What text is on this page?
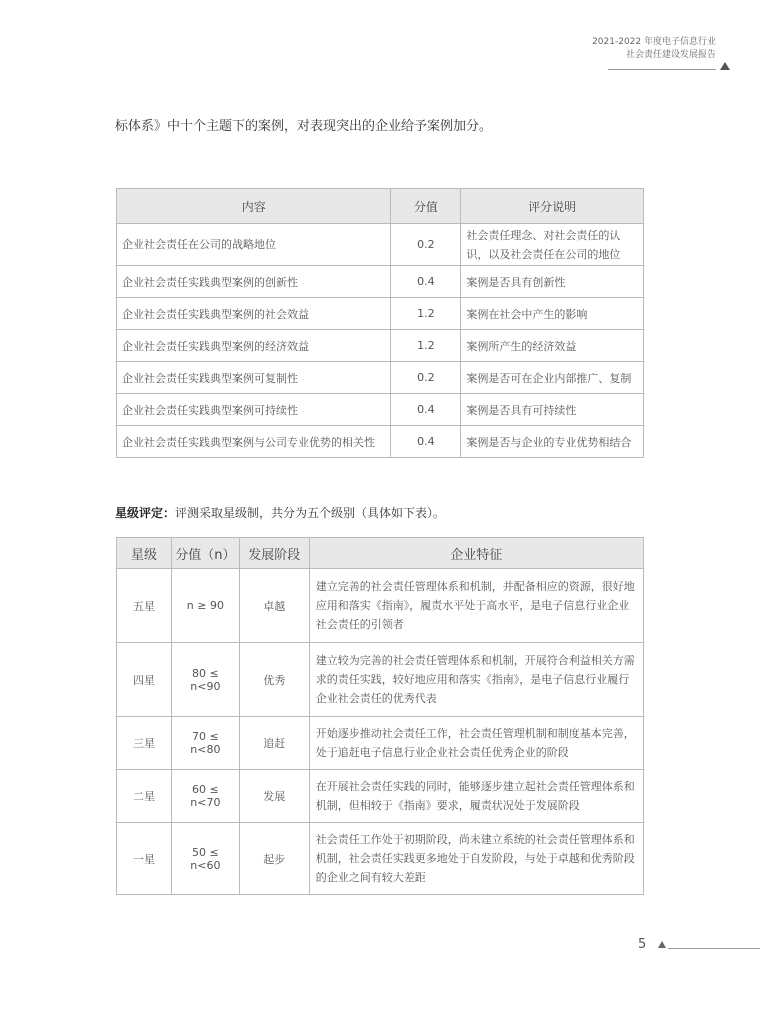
2021-2022 年度电子信息行业
社会责任建设发展报告
标体系》中十个主题下的案例，对表现突出的企业给予案例加分。
内容	分值	评分说明
企业社会责任在公司的战略地位	0.2	社会责任理念、对社会责任的认识，以及社会责任在公司的地位
企业社会责任实践典型案例的创新性	0.4	案例是否具有创新性
企业社会责任实践典型案例的社会效益	1.2	案例在社会中产生的影响
企业社会责任实践典型案例的经济效益	1.2	案例所产生的经济效益
企业社会责任实践典型案例可复制性	0.2	案例是否可在企业内部推广、复制
企业社会责任实践典型案例可持续性	0.4	案例是否具有可持续性
企业社会责任实践典型案例与公司专业优势的相关性	0.4	案例是否与企业的专业优势相结合
星级评定：评测采取星级制，共分为五个级别（具体如下表）。
星级	分值（n）	发展阶段	企业特征
五星	n ≥ 90	卓越	建立完善的社会责任管理体系和机制，并配备相应的资源，很好地应用和落实《指南》，履责水平处于高水平，是电子信息行业企业社会责任的引领者
四星	80 ≤ n<90	优秀	建立较为完善的社会责任管理体系和机制，开展符合利益相关方需求的责任实践，较好地应用和落实《指南》，是电子信息行业履行企业社会责任的优秀代表
三星	70 ≤ n<80	追赶	开始逐步推动社会责任工作，社会责任管理机制和制度基本完善，处于追赶电子信息行业企业社会责任优秀企业的阶段
二星	60 ≤ n<70	发展	在开展社会责任实践的同时，能够逐步建立起社会责任管理体系和机制，但相较于《指南》要求，履责状况处于发展阶段
一星	50 ≤ n<60	起步	社会责任工作处于初期阶段，尚未建立系统的社会责任管理体系和机制，社会责任实践更多地处于自发阶段，与处于卓越和优秀阶段的企业之间有较大差距
5
